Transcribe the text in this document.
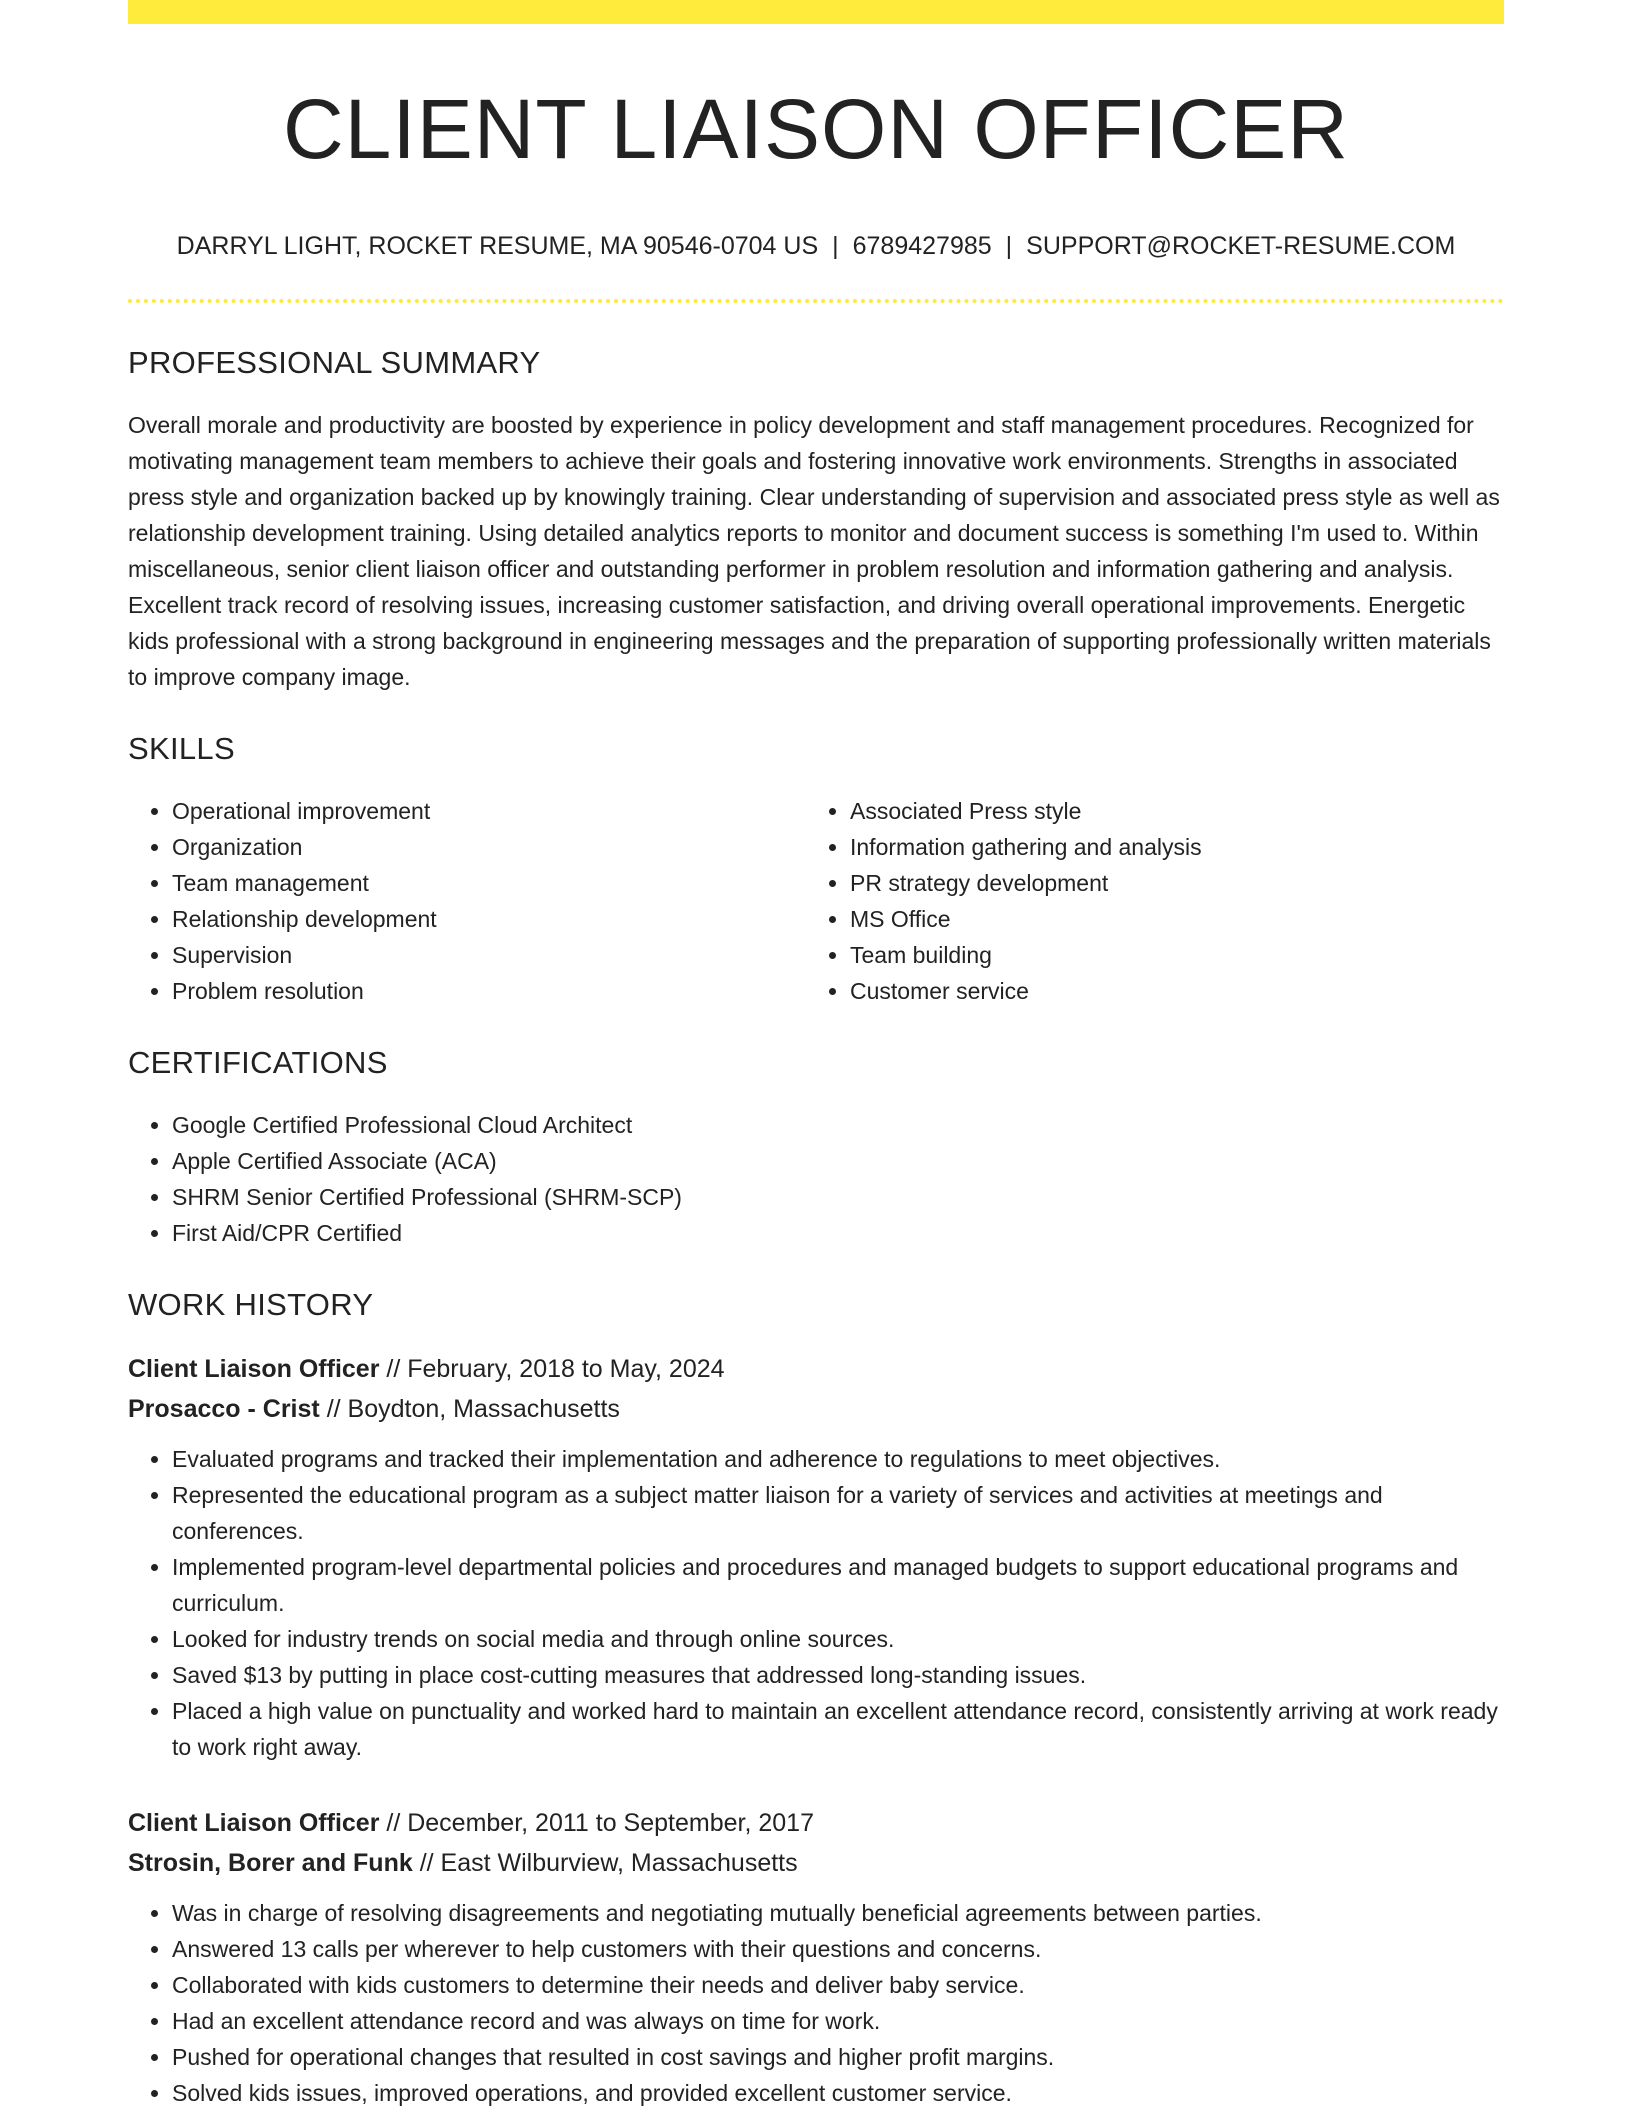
CLIENT LIAISON OFFICER
DARRYL LIGHT, ROCKET RESUME, MA 90546-0704 US | 6789427985 | SUPPORT@ROCKET-RESUME.COM
PROFESSIONAL SUMMARY

Overall morale and productivity are boosted by experience in policy development and staff management procedures. Recognized for motivating management team members to achieve their goals and fostering innovative work environments. Strengths in associated press style and organization backed up by knowingly training. Clear understanding of supervision and associated press style as well as relationship development training. Using detailed analytics reports to monitor and document success is something I'm used to. Within miscellaneous, senior client liaison officer and outstanding performer in problem resolution and information gathering and analysis. Excellent track record of resolving issues, increasing customer satisfaction, and driving overall operational improvements. Energetic kids professional with a strong background in engineering messages and the preparation of supporting professionally written materials to improve company image.

SKILLS
• Operational improvement
• Organization
• Team management
• Relationship development
• Supervision
• Problem resolution
• Associated Press style
• Information gathering and analysis
• PR strategy development
• MS Office
• Team building
• Customer service
CERTIFICATIONS
• Google Certified Professional Cloud Architect
• Apple Certified Associate (ACA)
• SHRM Senior Certified Professional (SHRM-SCP)
• First Aid/CPR Certified
WORK HISTORY
Client Liaison Officer // February, 2018 to May, 2024
Prosacco - Crist // Boydton, Massachusetts
• Evaluated programs and tracked their implementation and adherence to regulations to meet objectives.
• Represented the educational program as a subject matter liaison for a variety of services and activities at meetings and conferences.
• Implemented program-level departmental policies and procedures and managed budgets to support educational programs and curriculum.
• Looked for industry trends on social media and through online sources.
• Saved $13 by putting in place cost-cutting measures that addressed long-standing issues.
• Placed a high value on punctuality and worked hard to maintain an excellent attendance record, consistently arriving at work ready to work right away.
Client Liaison Officer // December, 2011 to September, 2017
Strosin, Borer and Funk // East Wilburview, Massachusetts
• Was in charge of resolving disagreements and negotiating mutually beneficial agreements between parties.
• Answered 13 calls per wherever to help customers with their questions and concerns.
• Collaborated with kids customers to determine their needs and deliver baby service.
• Had an excellent attendance record and was always on time for work.
• Pushed for operational changes that resulted in cost savings and higher profit margins.
• Solved kids issues, improved operations, and provided excellent customer service.
